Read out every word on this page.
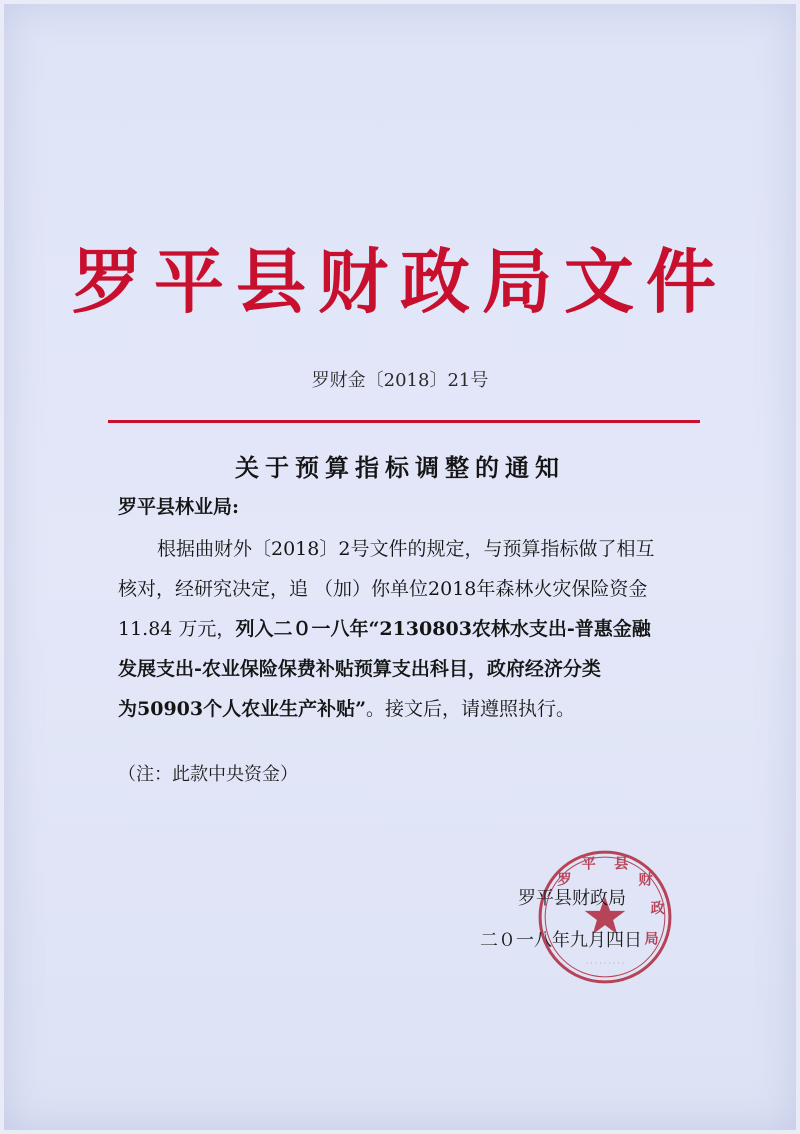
罗平县财政局文件
罗财金〔2018〕21号
关于预算指标调整的通知
罗平县林业局:
根据曲财外〔2018〕2号文件的规定，与预算指标做了相互
核对，经研究决定，追 （加）你单位2018年森林火灾保险资金
11.84 万元，列入二０一八年“2130803农林水支出-普惠金融
发展支出-农业保险保费补贴预算支出科目，政府经济分类
为50903个人农业生产补贴”。接文后，请遵照执行。
（注：此款中央资金）
罗
平 县
财
政
局
· · · · · · · · ·
罗平县财政局
二０一八年九月四日
